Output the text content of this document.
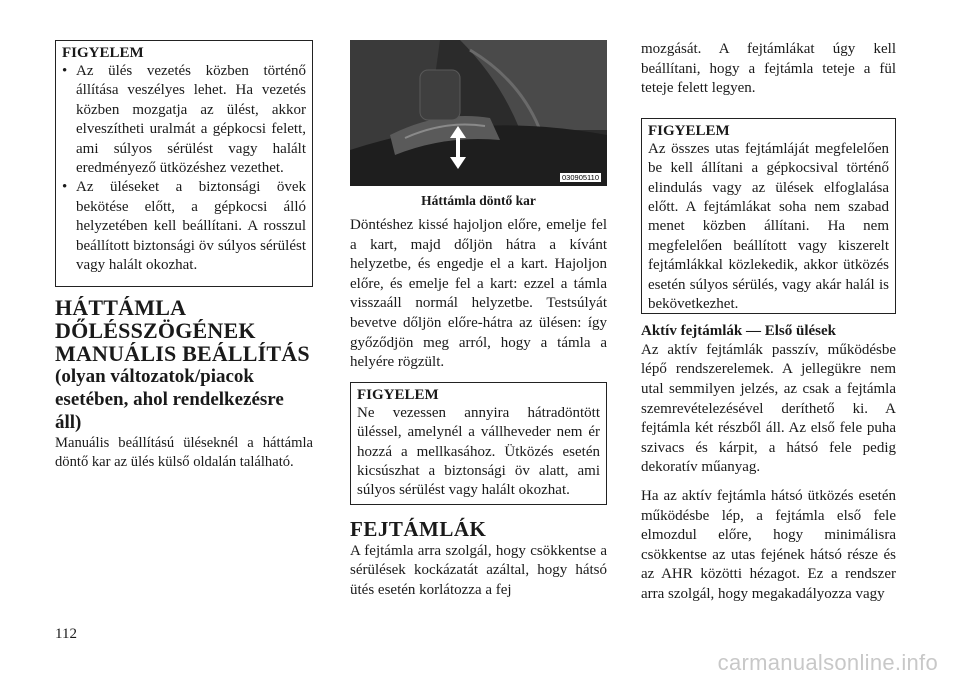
FIGYELEM
• Az ülés vezetés közben történő állítása veszélyes lehet. Ha vezetés közben mozgatja az ülést, akkor elveszítheti uralmát a gépkocsi felett, ami súlyos sérülést vagy halált eredményező ütközéshez vezethet.
• Az üléseket a biztonsági övek bekötése előtt, a gépkocsi álló helyzetében kell beállítani. A rosszul beállított biztonsági öv súlyos sérülést vagy halált okozhat.
HÁTTÁMLA
DŐLÉSSZÖGÉNEK
MANUÁLIS BEÁLLÍTÁS
(olyan változatok/piacok
esetében, ahol rendelkezésre
áll)
Manuális beállítású üléseknél a háttámla döntő kar az ülés külső oldalán található.
030905110
Háttámla döntő kar
Döntéshez kissé hajoljon előre, emelje fel a kart, majd dőljön hátra a kívánt helyzetbe, és engedje el a kart. Hajoljon előre, és emelje fel a kart: ezzel a támla visszaáll normál helyzetbe. Testsúlyát bevetve dőljön előre-hátra az ülésen: így győződjön meg arról, hogy a támla a helyére rögzült.
FIGYELEM
Ne vezessen annyira hátradöntött üléssel, amelynél a vállheveder nem ér hozzá a mellkasához. Ütközés esetén kicsúszhat a biztonsági öv alatt, ami súlyos sérülést vagy halált okozhat.
FEJTÁMLÁK
A fejtámla arra szolgál, hogy csökkentse a sérülések kockázatát azáltal, hogy hátsó ütés esetén korlátozza a fej
mozgását. A fejtámlákat úgy kell beállítani, hogy a fejtámla teteje a fül teteje felett legyen.
FIGYELEM
Az összes utas fejtámláját megfelelően be kell állítani a gépkocsival történő elindulás vagy az ülések elfoglalása előtt. A fejtámlákat soha nem szabad menet közben állítani. Ha nem megfelelően beállított vagy kiszerelt fejtámlákkal közlekedik, akkor ütközés esetén súlyos sérülés, vagy akár halál is bekövetkezhet.
Aktív fejtámlák — Első ülések
Az aktív fejtámlák passzív, működésbe lépő rendszerelemek. A jellegükre nem utal semmilyen jelzés, az csak a fejtámla szemrevételezésével deríthető ki. A fejtámla két részből áll. Az első fele puha szivacs és kárpit, a hátsó fele pedig dekoratív műanyag.
Ha az aktív fejtámla hátsó ütközés esetén működésbe lép, a fejtámla első fele elmozdul előre, hogy minimálisra csökkentse az utas fejének hátsó része és az AHR közötti hézagot. Ez a rendszer arra szolgál, hogy megakadályozza vagy
112
carmanualsonline.info
